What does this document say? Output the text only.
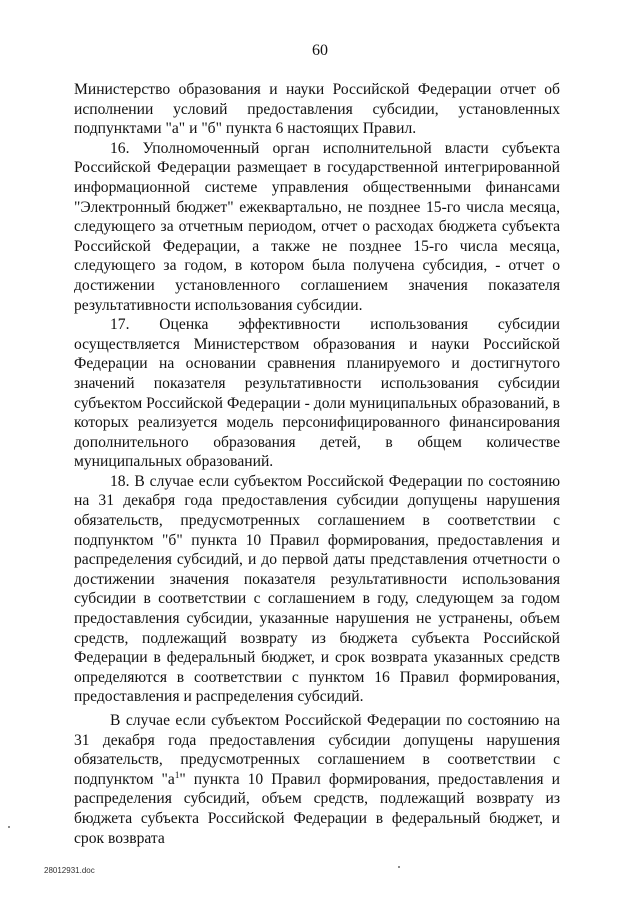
60

Министерство образования и науки Российской Федерации отчет об исполнении условий предоставления субсидии, установленных подпунктами "а" и "б" пункта 6 настоящих Правил.

16. Уполномоченный орган исполнительной власти субъекта Российской Федерации размещает в государственной интегрированной информационной системе управления общественными финансами "Электронный бюджет" ежеквартально, не позднее 15-го числа месяца, следующего за отчетным периодом, отчет о расходах бюджета субъекта Российской Федерации, а также не позднее 15-го числа месяца, следующего за годом, в котором была получена субсидия, - отчет о достижении установленного соглашением значения показателя результативности использования субсидии.

17. Оценка эффективности использования субсидии осуществляется Министерством образования и науки Российской Федерации на основании сравнения планируемого и достигнутого значений показателя результативности использования субсидии субъектом Российской Федерации - доли муниципальных образований, в которых реализуется модель персонифицированного финансирования дополнительного образования детей, в общем количестве муниципальных образований.

18. В случае если субъектом Российской Федерации по состоянию на 31 декабря года предоставления субсидии допущены нарушения обязательств, предусмотренных соглашением в соответствии с подпунктом "б" пункта 10 Правил формирования, предоставления и распределения субсидий, и до первой даты представления отчетности о достижении значения показателя результативности использования субсидии в соответствии с соглашением в году, следующем за годом предоставления субсидии, указанные нарушения не устранены, объем средств, подлежащий возврату из бюджета субъекта Российской Федерации в федеральный бюджет, и срок возврата указанных средств определяются в соответствии с пунктом 16 Правил формирования, предоставления и распределения субсидий.

В случае если субъектом Российской Федерации по состоянию на 31 декабря года предоставления субсидии допущены нарушения обязательств, предусмотренных соглашением в соответствии с подпунктом "$а^1$" пункта 10 Правил формирования, предоставления и распределения субсидий, объем средств, подлежащий возврату из бюджета субъекта Российской Федерации в федеральный бюджет, и срок возврата

28012931.doc
